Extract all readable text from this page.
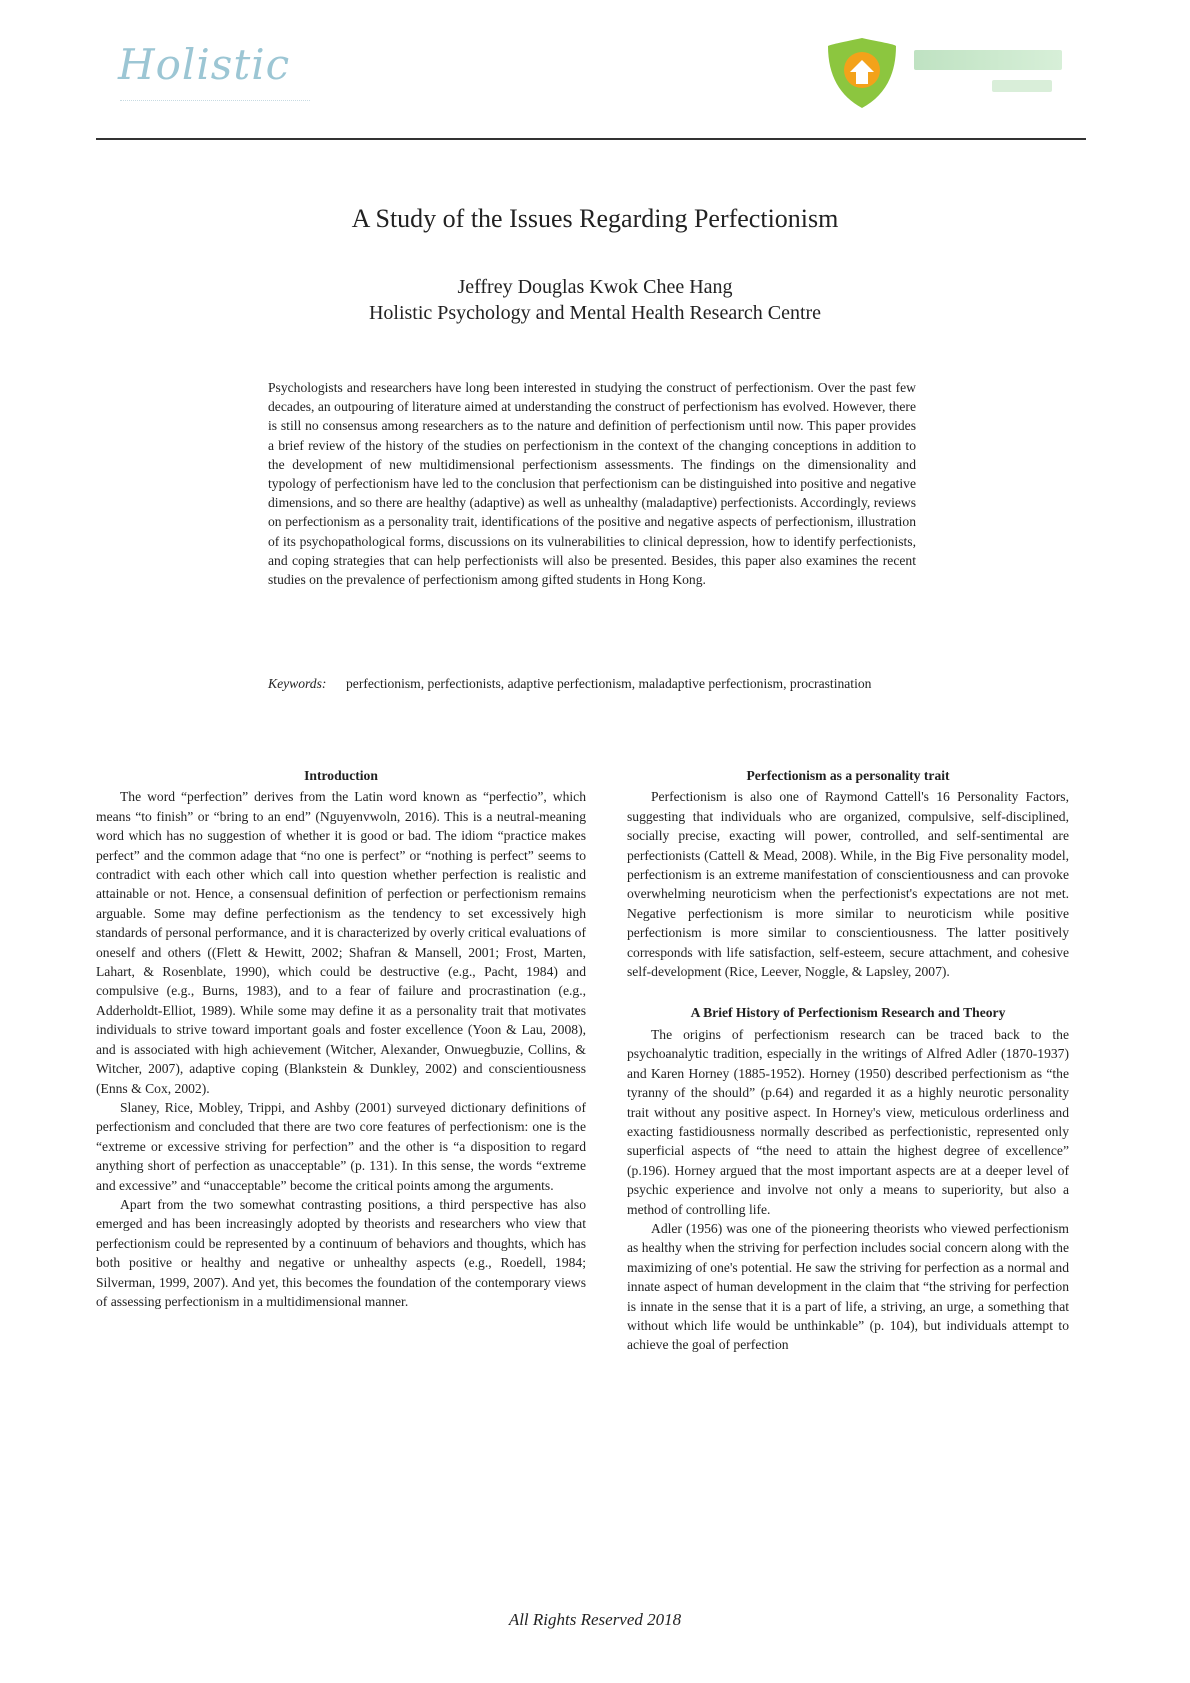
Holistic
A Study of the Issues Regarding Perfectionism
Jeffrey Douglas Kwok Chee Hang
Holistic Psychology and Mental Health Research Centre
Psychologists and researchers have long been interested in studying the construct of perfectionism. Over the past few decades, an outpouring of literature aimed at understanding the construct of perfectionism has evolved. However, there is still no consensus among researchers as to the nature and definition of perfectionism until now. This paper provides a brief review of the history of the studies on perfectionism in the context of the changing conceptions in addition to the development of new multidimensional perfectionism assessments. The findings on the dimensionality and typology of perfectionism have led to the conclusion that perfectionism can be distinguished into positive and negative dimensions, and so there are healthy (adaptive) as well as unhealthy (maladaptive) perfectionists. Accordingly, reviews on perfectionism as a personality trait, identifications of the positive and negative aspects of perfectionism, illustration of its psychopathological forms, discussions on its vulnerabilities to clinical depression, how to identify perfectionists, and coping strategies that can help perfectionists will also be presented. Besides, this paper also examines the recent studies on the prevalence of perfectionism among gifted students in Hong Kong.
Keywords:	perfectionism, perfectionists, adaptive perfectionism, maladaptive perfectionism, procrastination
Introduction

The word “perfection” derives from the Latin word known as “perfectio”, which means “to finish” or “bring to an end” (Nguyenvwoln, 2016). This is a neutral-meaning word which has no suggestion of whether it is good or bad. The idiom “practice makes perfect” and the common adage that “no one is perfect” or “nothing is perfect” seems to contradict with each other which call into question whether perfection is realistic and attainable or not. Hence, a consensual definition of perfection or perfectionism remains arguable. Some may define perfectionism as the tendency to set excessively high standards of personal performance, and it is characterized by overly critical evaluations of oneself and others ((Flett & Hewitt, 2002; Shafran & Mansell, 2001; Frost, Marten, Lahart, & Rosenblate, 1990), which could be destructive (e.g., Pacht, 1984) and compulsive (e.g., Burns, 1983), and to a fear of failure and procrastination (e.g., Adderholdt-Elliot, 1989). While some may define it as a personality trait that motivates individuals to strive toward important goals and foster excellence (Yoon & Lau, 2008), and is associated with high achievement (Witcher, Alexander, Onwuegbuzie, Collins, & Witcher, 2007), adaptive coping (Blankstein & Dunkley, 2002) and conscientiousness (Enns & Cox, 2002).

Slaney, Rice, Mobley, Trippi, and Ashby (2001) surveyed dictionary definitions of perfectionism and concluded that there are two core features of perfectionism: one is the “extreme or excessive striving for perfection” and the other is “a disposition to regard anything short of perfection as unacceptable” (p. 131). In this sense, the words “extreme and excessive” and “unacceptable” become the critical points among the arguments.

Apart from the two somewhat contrasting positions, a third perspective has also emerged and has been increasingly adopted by theorists and researchers who view that perfectionism could be represented by a continuum of behaviors and thoughts, which has both positive or healthy and negative or unhealthy aspects (e.g., Roedell, 1984; Silverman, 1999, 2007). And yet, this becomes the foundation of the contemporary views of assessing perfectionism in a multidimensional manner.

Perfectionism as a personality trait

Perfectionism is also one of Raymond Cattell's 16 Personality Factors, suggesting that individuals who are organized, compulsive, self-disciplined, socially precise, exacting will power, controlled, and self-sentimental are perfectionists (Cattell & Mead, 2008). While, in the Big Five personality model, perfectionism is an extreme manifestation of conscientiousness and can provoke overwhelming neuroticism when the perfectionist's expectations are not met. Negative perfectionism is more similar to neuroticism while positive perfectionism is more similar to conscientiousness. The latter positively corresponds with life satisfaction, self-esteem, secure attachment, and cohesive self-development (Rice, Leever, Noggle, & Lapsley, 2007).

A Brief History of Perfectionism Research and Theory

The origins of perfectionism research can be traced back to the psychoanalytic tradition, especially in the writings of Alfred Adler (1870-1937) and Karen Horney (1885-1952). Horney (1950) described perfectionism as “the tyranny of the should” (p.64) and regarded it as a highly neurotic personality trait without any positive aspect. In Horney's view, meticulous orderliness and exacting fastidiousness normally described as perfectionistic, represented only superficial aspects of “the need to attain the highest degree of excellence” (p.196). Horney argued that the most important aspects are at a deeper level of psychic experience and involve not only a means to superiority, but also a method of controlling life.

Adler (1956) was one of the pioneering theorists who viewed perfectionism as healthy when the striving for perfection includes social concern along with the maximizing of one's potential. He saw the striving for perfection as a normal and innate aspect of human development in the claim that “the striving for perfection is innate in the sense that it is a part of life, a striving, an urge, a something that without which life would be unthinkable” (p. 104), but individuals attempt to achieve the goal of perfection

All Rights Reserved 2018
